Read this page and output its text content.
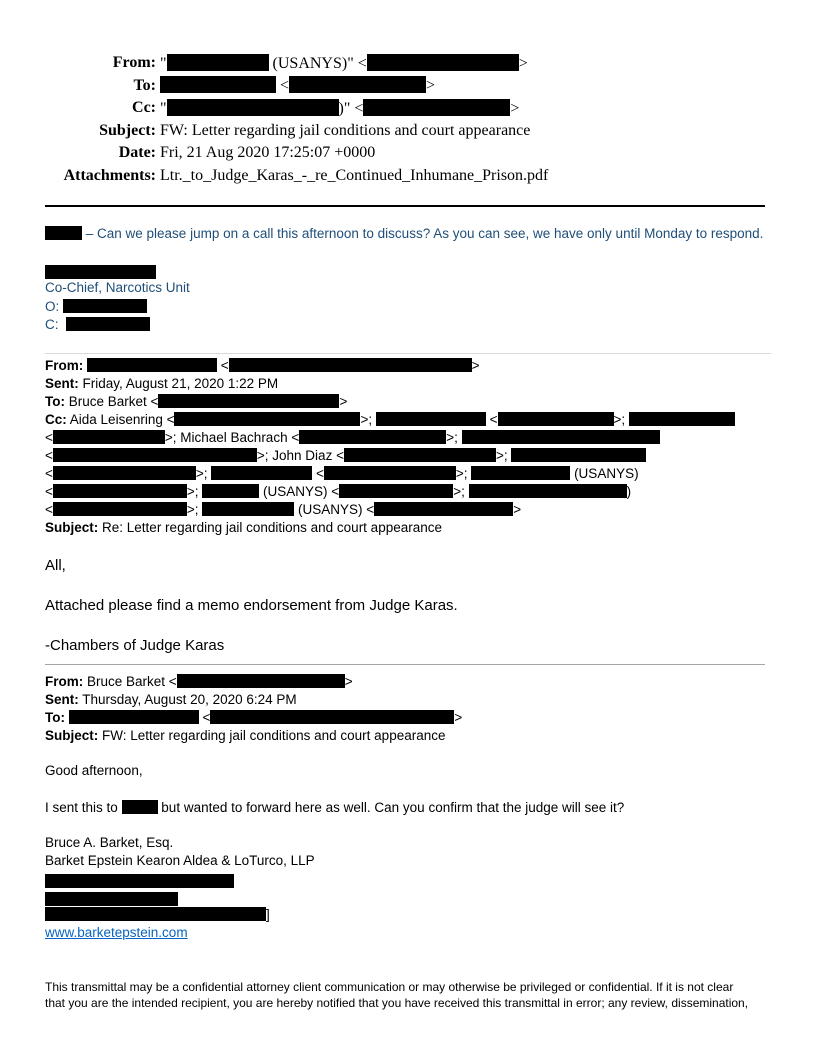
From: "	(USANYS)" <	>
To:	<	>
Cc: "	)" <	>
Subject: FW: Letter regarding jail conditions and court appearance
Date: Fri, 21 Aug 2020 17:25:07 +0000
Attachments: Ltr._to_Judge_Karas_-_re_Continued_Inhumane_Prison.pdf
– Can we please jump on a call this afternoon to discuss? As you can see, we have only until Monday to respond.
Co-Chief, Narcotics Unit
O:
C:
From:	<	>
Sent: Friday, August 21, 2020 1:22 PM
To: Bruce Barket <	>
Cc: Aida Leisenring <	>;	<	>;
<	>; Michael Bachrach <	>;
<	>; John Diaz <	>;
<	>;	<	>;	(USANYS)
<	>;	(USANYS) <	>;	)
<	>;	(USANYS) <	>
Subject: Re: Letter regarding jail conditions and court appearance
All,
Attached please find a memo endorsement from Judge Karas.
-Chambers of Judge Karas
From: Bruce Barket <	>
Sent: Thursday, August 20, 2020 6:24 PM
To:	<	>
Subject: FW: Letter regarding jail conditions and court appearance
Good afternoon,
I sent this to	but wanted to forward here as well. Can you confirm that the judge will see it?
Bruce A. Barket, Esq.
Barket Epstein Kearon Aldea & LoTurco, LLP
]
www.barketepstein.com
This transmittal may be a confidential attorney client communication or may otherwise be privileged or confidential. If it is not clear
that you are the intended recipient, you are hereby notified that you have received this transmittal in error; any review, dissemination,
